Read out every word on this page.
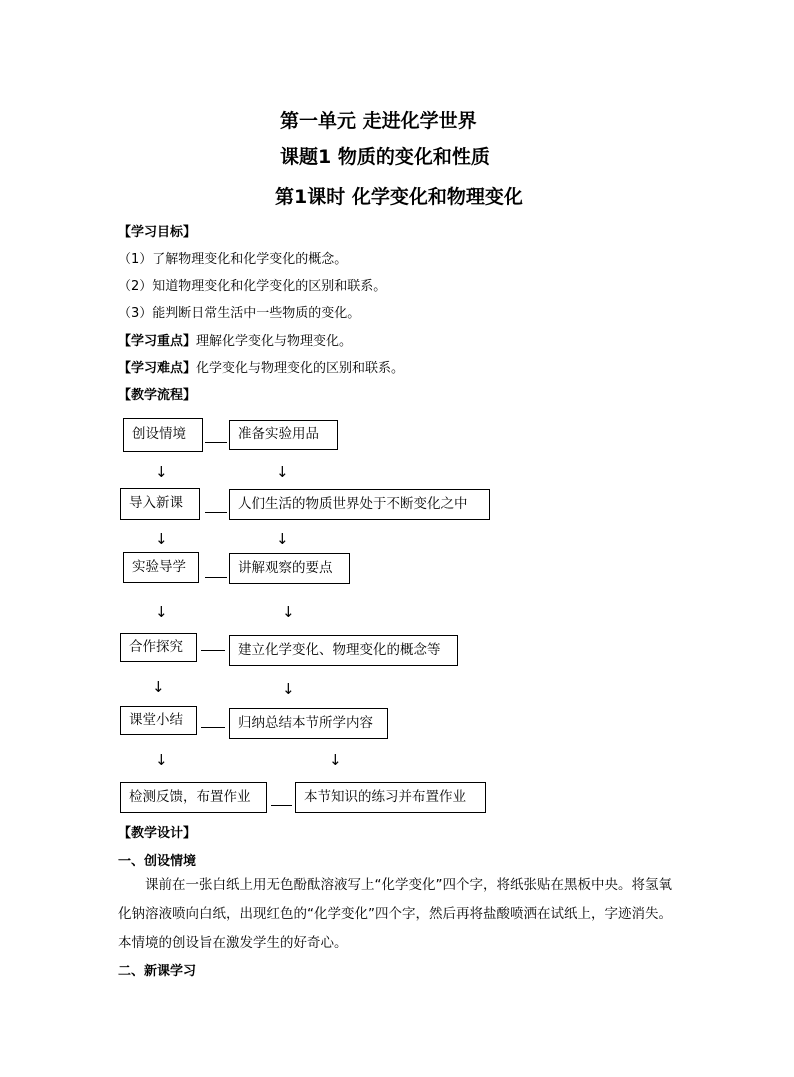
第一单元 走进化学世界
课题1 物质的变化和性质
第1课时 化学变化和物理变化
【学习目标】
（1）了解物理变化和化学变化的概念。
（2）知道物理变化和化学变化的区别和联系。
（3）能判断日常生活中一些物质的变化。
【学习重点】理解化学变化与物理变化。
【学习难点】化学变化与物理变化的区别和联系。
【教学流程】
创设情境	准备实验用品
↓	↓
导入新课	人们生活的物质世界处于不断变化之中
↓	↓
实验导学	讲解观察的要点
↓	↓
合作探究	建立化学变化、物理变化的概念等
↓	↓
课堂小结	归纳总结本节所学内容
↓	↓
检测反馈，布置作业	本节知识的练习并布置作业
【教学设计】
一、创设情境
课前在一张白纸上用无色酚酞溶液写上“化学变化”四个字，将纸张贴在黑板中央。将氢氧化钠溶液喷向白纸，出现红色的“化学变化”四个字，然后再将盐酸喷洒在试纸上，字迹消失。本情境的创设旨在激发学生的好奇心。
二、新课学习
